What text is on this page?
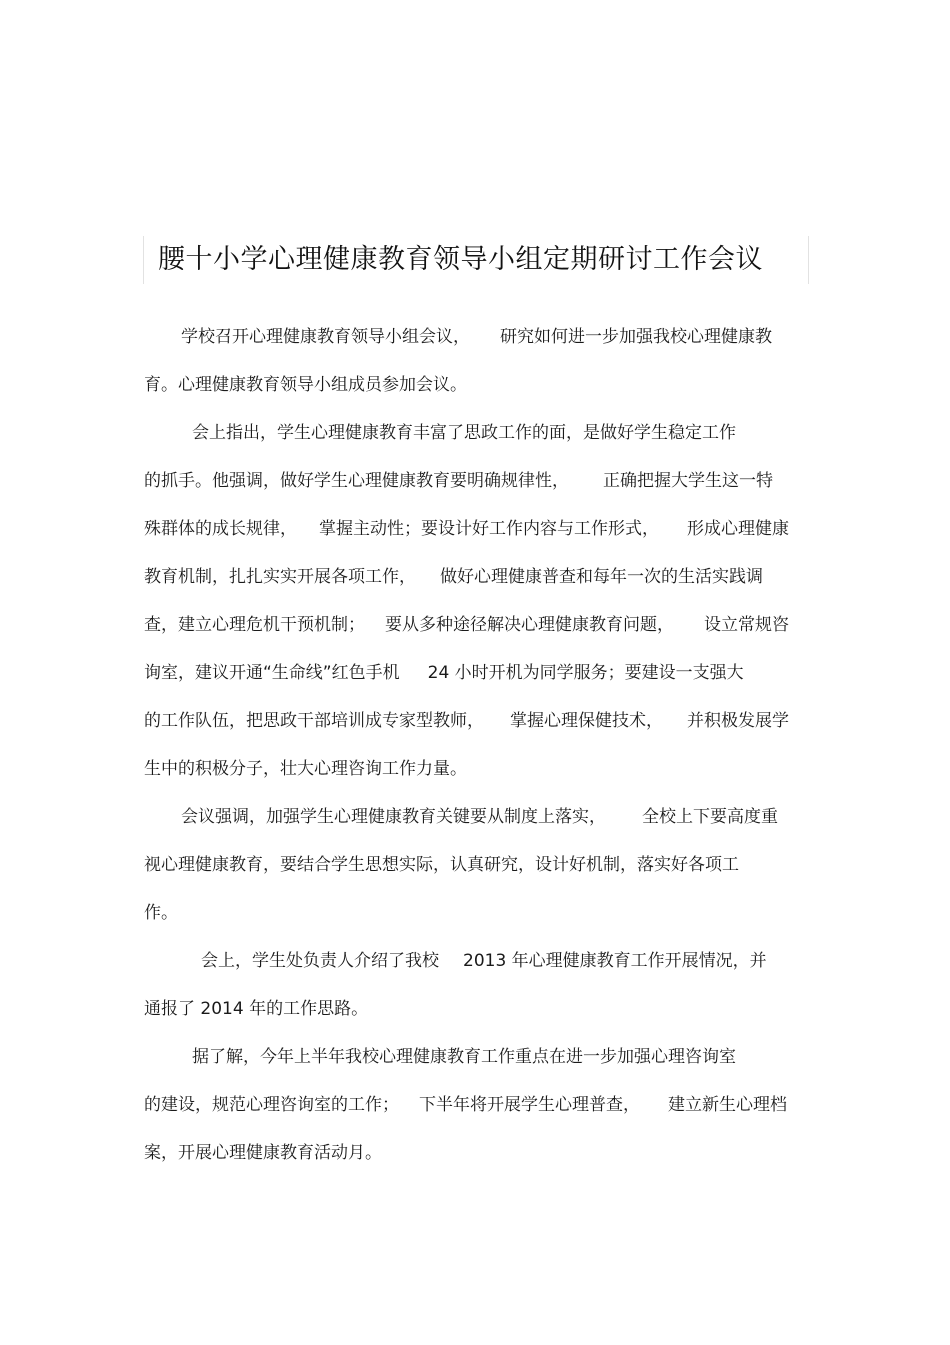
腰十小学心理健康教育领导小组定期研讨工作会议

学校召开心理健康教育领导小组会议， 研究如何进一步加强我校心理健康教

育。心理健康教育领导小组成员参加会议。

会上指出，学生心理健康教育丰富了思政工作的面，是做好学生稳定工作

的抓手。他强调，做好学生心理健康教育要明确规律性， 正确把握大学生这一特

殊群体的成长规律， 掌握主动性；要设计好工作内容与工作形式， 形成心理健康

教育机制，扎扎实实开展各项工作， 做好心理健康普查和每年一次的生活实践调

查，建立心理危机干预机制； 要从多种途径解决心理健康教育问题， 设立常规咨

询室，建议开通“生命线”红色手机 24 小时开机为同学服务；要建设一支强大

的工作队伍，把思政干部培训成专家型教师， 掌握心理保健技术， 并积极发展学

生中的积极分子，壮大心理咨询工作力量。

会议强调，加强学生心理健康教育关键要从制度上落实， 全校上下要高度重

视心理健康教育，要结合学生思想实际，认真研究，设计好机制，落实好各项工

作。

会上，学生处负责人介绍了我校 2013 年心理健康教育工作开展情况，并

通报了 2014 年的工作思路。

据了解，今年上半年我校心理健康教育工作重点在进一步加强心理咨询室

的建设，规范心理咨询室的工作； 下半年将开展学生心理普查， 建立新生心理档

案，开展心理健康教育活动月。
